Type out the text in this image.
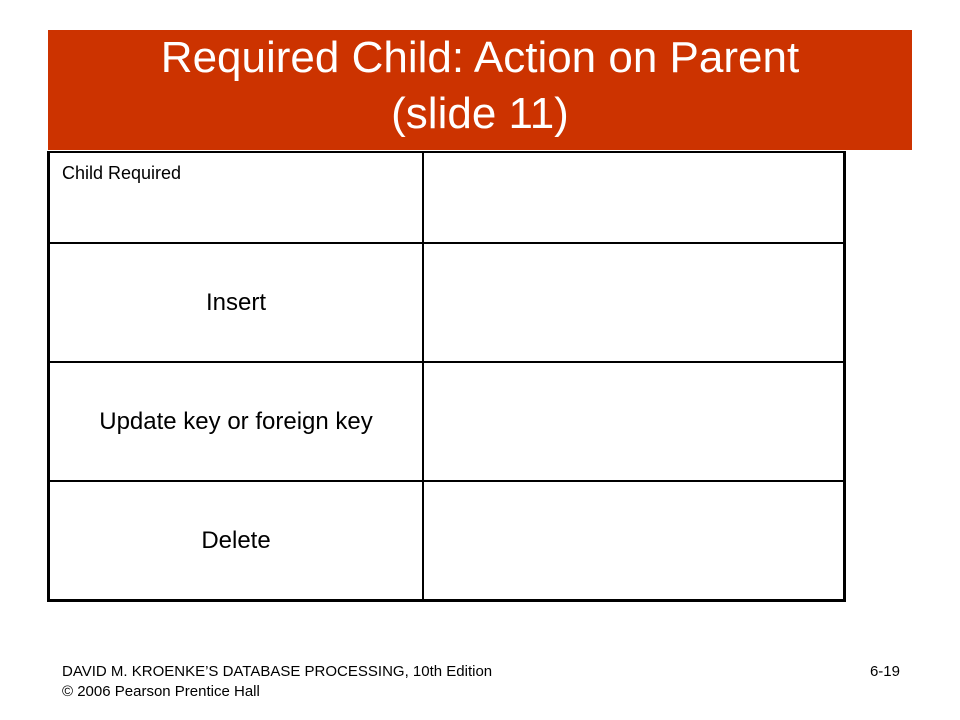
Required Child: Action on Parent
(slide 11)
Child Required	
Insert	
Update key or foreign key	
Delete	
DAVID M. KROENKE’S DATABASE PROCESSING, 10th Edition
© 2006 Pearson Prentice Hall
6-19
